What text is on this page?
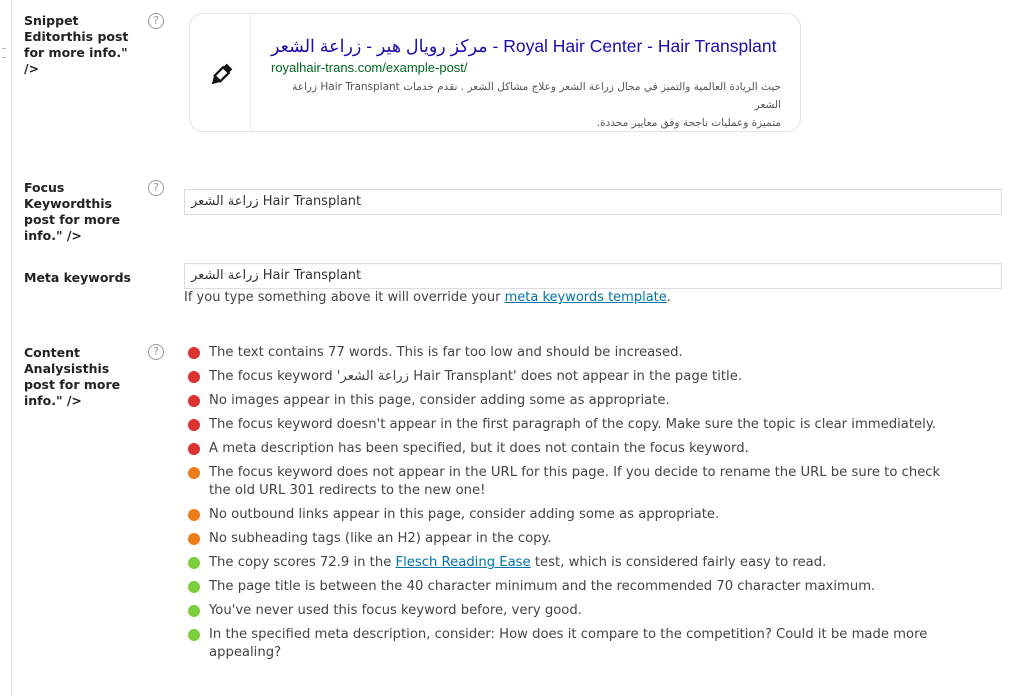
Snippet Editorthis post for more info." />
?
مركز رويال هير - زراعة الشعر - Royal Hair Center - Hair Transplant
royalhair-trans.com/example-post/
حيث الريادة العالمية والتميز في مجال زراعة الشعر وعلاج مشاكل الشعر . نقدم خدمات Hair Transplant زراعة الشعر
متميزة وعمليات ناجحة وفق معايير محددة.
Focus Keywordthis post for more info." />
?
زراعة الشعر Hair Transplant
Meta keywords	زراعة الشعر Hair Transplant
If you type something above it will override your meta keywords template.
Content Analysisthis post for more info." />
?	The text contains 77 words. This is far too low and should be increased.
The focus keyword 'زراعة الشعر Hair Transplant' does not appear in the page title.
No images appear in this page, consider adding some as appropriate.
The focus keyword doesn't appear in the first paragraph of the copy. Make sure the topic is clear immediately.
A meta description has been specified, but it does not contain the focus keyword.
The focus keyword does not appear in the URL for this page. If you decide to rename the URL be sure to check the old URL 301 redirects to the new one!
No outbound links appear in this page, consider adding some as appropriate.
No subheading tags (like an H2) appear in the copy.
The copy scores 72.9 in the Flesch Reading Ease test, which is considered fairly easy to read.
The page title is between the 40 character minimum and the recommended 70 character maximum.
You've never used this focus keyword before, very good.
In the specified meta description, consider: How does it compare to the competition? Could it be made more appealing?
